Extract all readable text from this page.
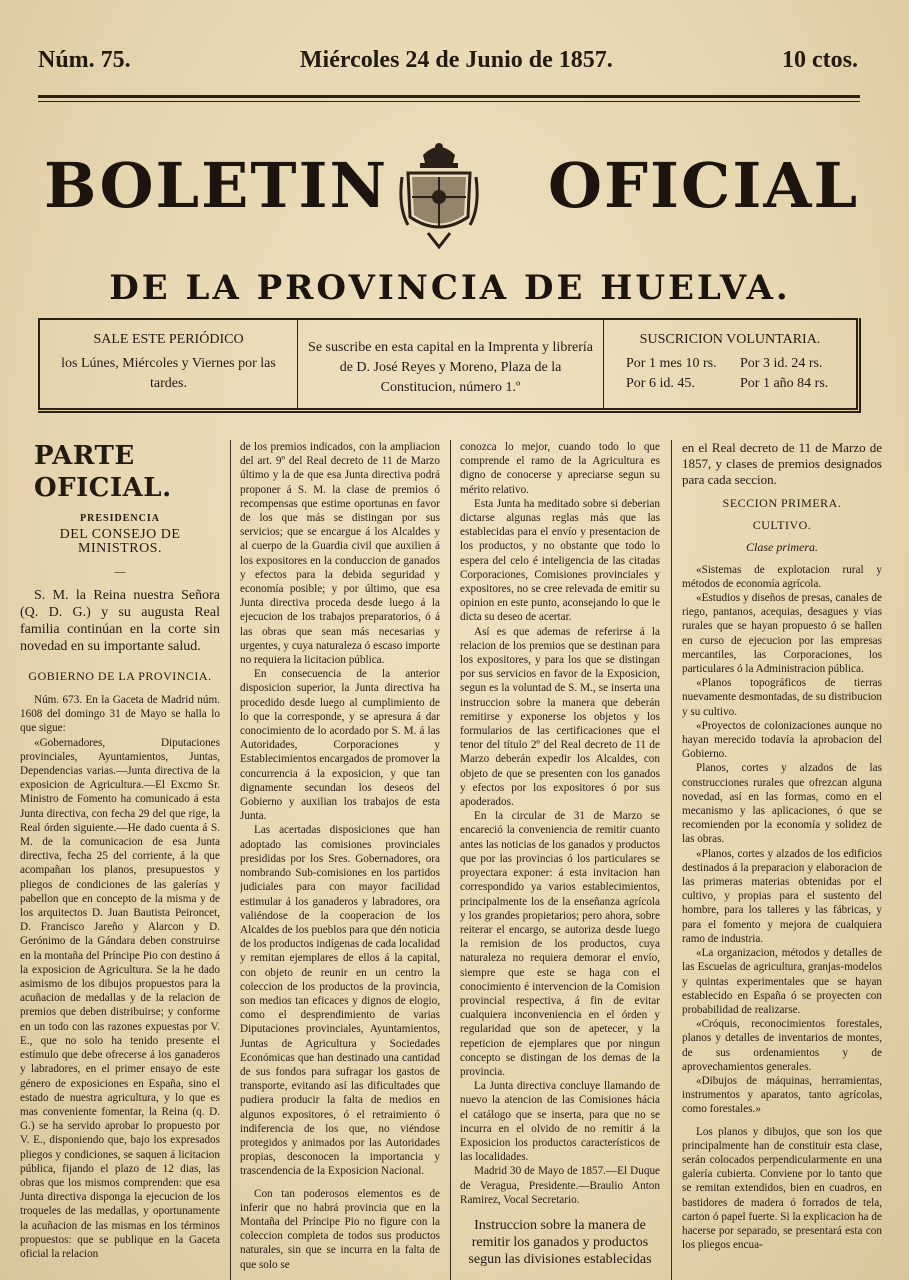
Núm. 75.	Miércoles 24 de Junio de 1857.	10 ctos.
BOLETIN	OFICIAL
DE LA PROVINCIA DE HUELVA.
SALE ESTE PERIÓDICO
los Lúnes, Miércoles y Viernes por las tardes.
Se suscribe en esta capital en la Imprenta y librería de D. José Reyes y Moreno, Plaza de la Constitucion, número 1.º
SUSCRICION VOLUNTARIA.
Por 1 mes 10 rs.	Por 3 id. 24 rs.
Por 6 id. 45.	Por 1 año 84 rs.

PARTE OFICIAL.

PRESIDENCIA

DEL CONSEJO DE MINISTROS.

—

S. M. la Reina nuestra Señora (Q. D. G.) y su augusta Real familia continúan en la corte sin novedad en su importante salud.

GOBIERNO DE LA PROVINCIA.

Núm. 673. En la Gaceta de Madrid núm. 1608 del domingo 31 de Mayo se halla lo que sigue:

«Gobernadores, Diputaciones provinciales, Ayuntamientos, Juntas, Dependencias varias.—Junta directiva de la exposicion de Agricultura.—El Excmo Sr. Ministro de Fomento ha comunicado á esta Junta directiva, con fecha 29 del que rige, la Real órden siguiente.—He dado cuenta á S. M. de la comunicacion de esa Junta directiva, fecha 25 del corriente, á la que acompañan los planos, presupuestos y pliegos de condiciones de las galerías y pabellon que en concepto de la misma y de los arquitectos D. Juan Bautista Peironcet, D. Francisco Jareño y Alarcon y D. Gerónimo de la Gándara deben construirse en la montaña del Príncipe Pio con destino á la exposicion de Agricultura. Se la he dado asimismo de los dibujos propuestos para la acuñacion de medallas y de la relacion de premios que deben distribuirse; y conforme en un todo con las razones expuestas por V. E., que no solo ha tenido presente el estímulo que debe ofrecerse á los ganaderos y labradores, en el primer ensayo de este género de exposiciones en España, sino el estado de nuestra agricultura, y lo que es mas conveniente fomentar, la Reina (q. D. G.) se ha servido aprobar lo propuesto por V. E., disponiendo que, bajo los expresados pliegos y condiciones, se saquen á licitacion pública, fijando el plazo de 12 dias, las obras que los mismos comprenden: que esa Junta directiva disponga la ejecucion de los troqueles de las medallas, y oportunamente la acuñacion de las mismas en los términos propuestos: que se publique en la Gaceta oficial la relacion

de los premios indicados, con la ampliacion del art. 9º del Real decreto de 11 de Marzo último y la de que esa Junta directiva podrá proponer á S. M. la clase de premios ó recompensas que estime oportunas en favor de los que más se distingan por sus servicios; que se encargue á los Alcaldes y al cuerpo de la Guardia civil que auxilien á los expositores en la conduccion de ganados y efectos para la debida seguridad y economía posible; y por último, que esa Junta directiva proceda desde luego á la ejecucion de los trabajos preparatorios, ó á las obras que sean más necesarias y urgentes, y cuya naturaleza ó escaso importe no requiera la licitacion pública.

En consecuencia de la anterior disposicion superior, la Junta directiva ha procedido desde luego al cumplimiento de lo que la corresponde, y se apresura á dar conocimiento de lo acordado por S. M. á las Autoridades, Corporaciones y Establecimientos encargados de promover la concurrencia á la exposicion, y que tan dignamente secundan los deseos del Gobierno y auxilian los trabajos de esta Junta.

Las acertadas disposiciones que han adoptado las comisiones provinciales presididas por los Sres. Gobernadores, ora nombrando Sub-comisiones en los partidos judiciales para con mayor facilidad estimular á los ganaderos y labradores, ora valiéndose de la cooperacion de los Alcaldes de los pueblos para que dén noticia de los productos indígenas de cada localidad y remitan ejemplares de ellos á la capital, con objeto de reunir en un centro la coleccion de los productos de la provincia, son medios tan eficaces y dignos de elogio, como el desprendimiento de varias Diputaciones provinciales, Ayuntamientos, Juntas de Agricultura y Sociedades Económicas que han destinado una cantidad de sus fondos para sufragar los gastos de transporte, evitando así las dificultades que pudiera producir la falta de medios en algunos expositores, ó el retraimiento ó indiferencia de los que, no viéndose protegidos y animados por las Autoridades propias, desconocen la importancia y trascendencia de la Exposicion Nacional.

Con tan poderosos elementos es de inferir que no habrá provincia que en la Montaña del Príncipe Pio no figure con la coleccion completa de todos sus productos naturales, sin que se incurra en la falta de que solo se

conozca lo mejor, cuando todo lo que comprende el ramo de la Agricultura es digno de conocerse y apreciarse segun su mérito relativo.

Esta Junta ha meditado sobre si deberian dictarse algunas reglas más que las establecidas para el envío y presentacion de los productos, y no obstante que todo lo espera del celo é inteligencia de las citadas Corporaciones, Comisiones provinciales y expositores, no se cree relevada de emitir su opinion en este punto, aconsejando lo que le dicta su deseo de acertar.

Así es que ademas de referirse á la relacion de los premios que se destinan para los expositores, y para los que se distingan por sus servicios en favor de la Exposicion, segun es la voluntad de S. M., se inserta una instruccion sobre la manera que deberán remitirse y exponerse los objetos y los formularios de las certificaciones que el tenor del título 2º del Real decreto de 11 de Marzo deberán expedir los Alcaldes, con objeto de que se presenten con los ganados y efectos por los expositores ó por sus apoderados.

En la circular de 31 de Marzo se encareció la conveniencia de remitir cuanto antes las noticias de los ganados y productos que por las provincias ó los particulares se proyectara exponer: á esta invitacion han correspondido ya varios establecimientos, principalmente los de la enseñanza agrícola y los grandes propietarios; pero ahora, sobre reiterar el encargo, se autoriza desde luego la remision de los productos, cuya naturaleza no requiera demorar el envío, siempre que este se haga con el conocimiento é intervencion de la Comision provincial respectiva, á fin de evitar cualquiera inconveniencia en el órden y regularidad que son de apetecer, y la repeticion de ejemplares que por ningun concepto se distingan de los demas de la provincia.

La Junta directiva concluye llamando de nuevo la atencion de las Comisiones hácia el catálogo que se inserta, para que no se incurra en el olvido de no remitir á la Exposicion los productos característicos de las localidades.

Madrid 30 de Mayo de 1857.—El Duque de Veragua, Presidente.—Braulio Anton Ramirez, Vocal Secretario.

Instruccion sobre la manera de remitir los ganados y productos segun las divisiones establecidas

en el Real decreto de 11 de Marzo de 1857, y clases de premios designados para cada seccion.

SECCION PRIMERA.

CULTIVO.

Clase primera.

«Sistemas de explotacion rural y métodos de economía agrícola.

«Estudios y diseños de presas, canales de riego, pantanos, acequias, desagues y vias rurales que se hayan propuesto ó se hallen en curso de ejecucion por las empresas mercantiles, las Corporaciones, los particulares ó la Administracion pública.

«Planos topográficos de tierras nuevamente desmontadas, de su distribucion y su cultivo.

«Proyectos de colonizaciones aunque no hayan merecido todavía la aprobacion del Gobierno.

Planos, cortes y alzados de las construcciones rurales que ofrezcan alguna novedad, así en las formas, como en el mecanismo y las aplicaciones, ó que se recomienden por la economía y solidez de las obras.

«Planos, cortes y alzados de los edificios destinados á la preparacion y elaboracion de las primeras materias obtenidas por el cultivo, y propias para el sustento del hombre, para los talleres y las fábricas, y para el fomento y mejora de cualquiera ramo de industria.

«La organizacion, métodos y detalles de las Escuelas de agricultura, granjas-modelos y quintas experimentales que se hayan establecido en España ó se proyecten con probabilidad de realizarse.

«Cróquis, reconocimientos forestales, planos y detalles de inventarios de montes, de sus ordenamientos y de aprovechamientos generales.

«Dibujos de máquinas, herramientas, instrumentos y aparatos, tanto agrícolas, como forestales.»

Los planos y dibujos, que son los que principalmente han de constituir esta clase, serán colocados perpendicularmente en una galería cubierta. Conviene por lo tanto que se remitan extendidos, bien en cuadros, en bastidores de madera ó forrados de tela, carton ó papel fuerte. Si la explicacion ha de hacerse por separado, se presentará esta con los pliegos encua-
